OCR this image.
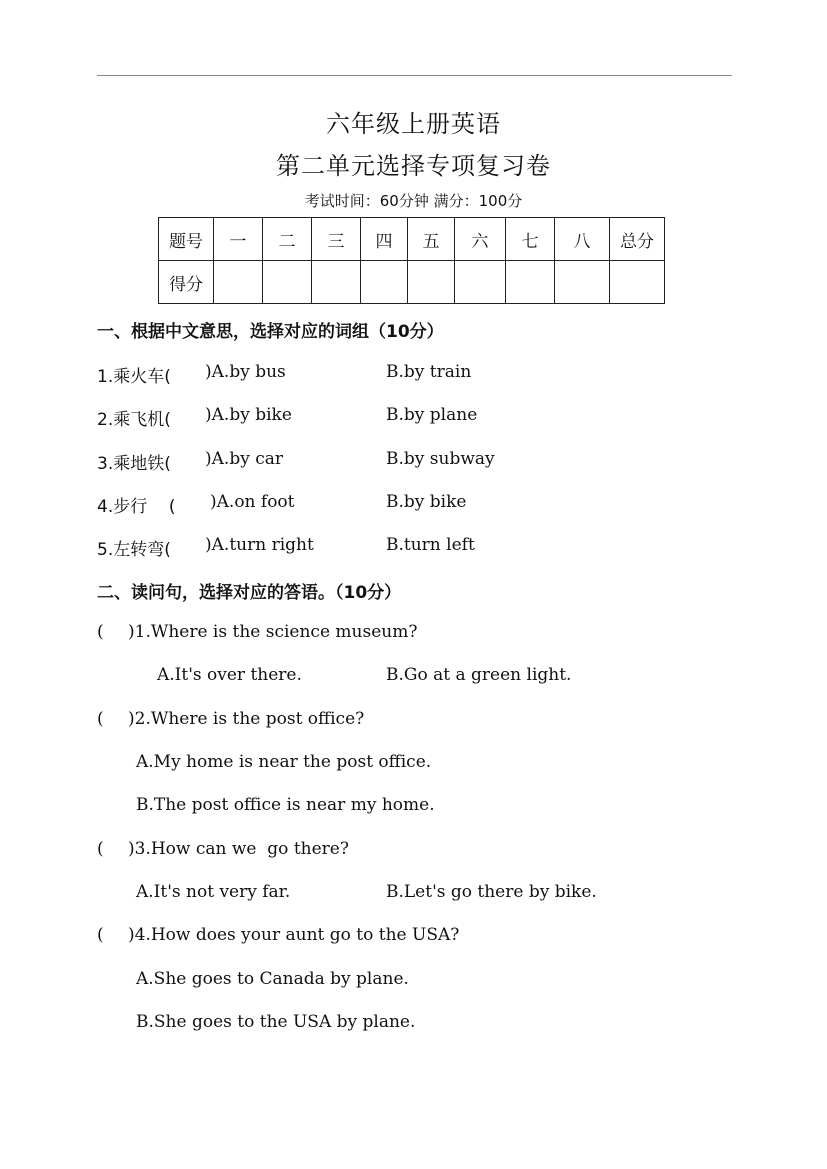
六年级上册英语
第二单元选择专项复习卷
考试时间：60分钟 满分：100分
题号	一	二	三	四	五	六	七	八	总分
得分									
一、根据中文意思，选择对应的词组（10分）
1.乘火车( )A.by bus	B.by train
2.乘飞机( )A.by bike	B.by plane
3.乘地铁( )A.by car	B.by subway
4.步行    ( )A.on foot	B.by bike
5.左转弯( )A.turn right	B.turn left
二、读问句，选择对应的答语。（10分）
( )1.Where is the science museum?
A.It's over there.	B.Go at a green light.
( )2.Where is the post office?
A.My home is near the post office.
B.The post office is near my home.
( )3.How can we  go there?
A.It's not very far.	B.Let's go there by bike.
( )4.How does your aunt go to the USA?
A.She goes to Canada by plane.
B.She goes to the USA by plane.
